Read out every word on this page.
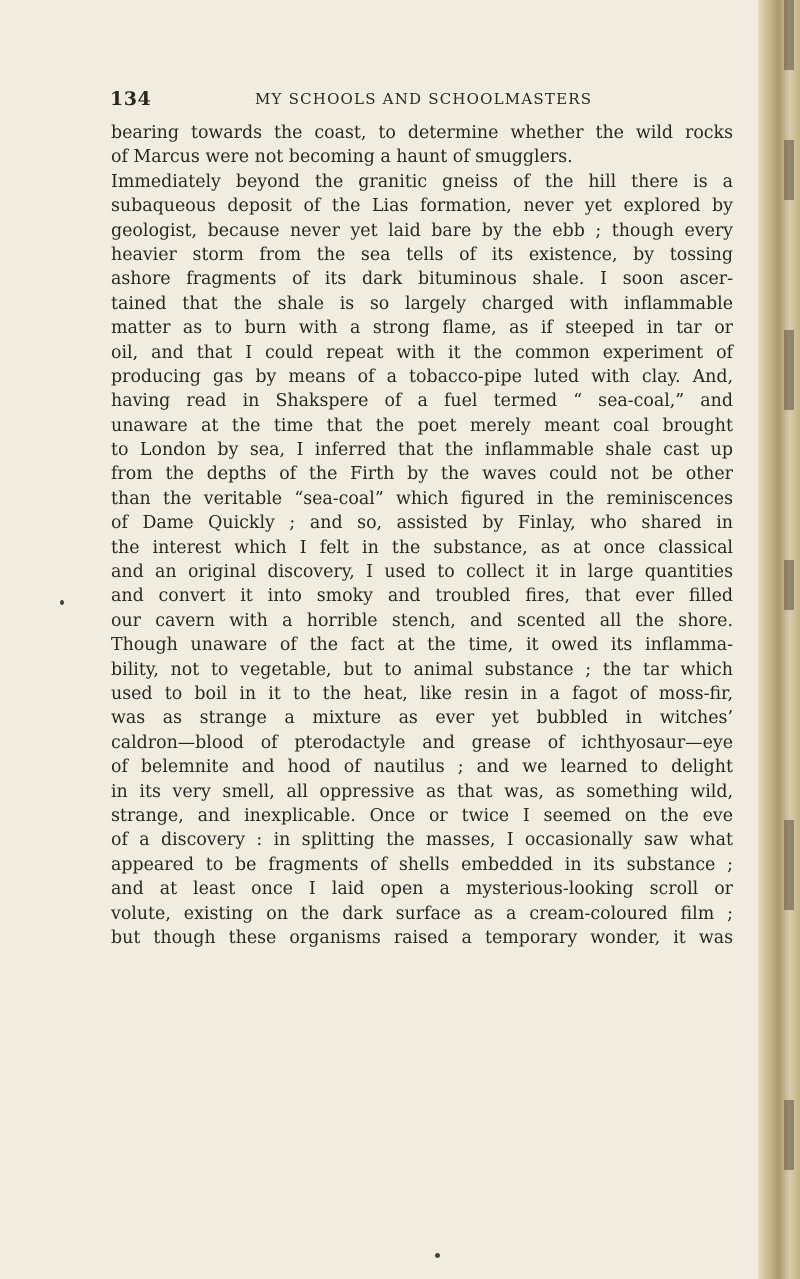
134	MY SCHOOLS AND SCHOOLMASTERS
bearing towards the coast, to determine whether the wild rocks
of Marcus were not becoming a haunt of smugglers.
Immediately beyond the granitic gneiss of the hill there is a
subaqueous deposit of the Lias formation, never yet explored by
geologist, because never yet laid bare by the ebb ; though every
heavier storm from the sea tells of its existence, by tossing
ashore fragments of its dark bituminous shale. I soon ascer-
tained that the shale is so largely charged with inflammable
matter as to burn with a strong flame, as if steeped in tar or
oil, and that I could repeat with it the common experiment of
producing gas by means of a tobacco-pipe luted with clay. And,
having read in Shakspere of a fuel termed “ sea-coal,” and
unaware at the time that the poet merely meant coal brought
to London by sea, I inferred that the inflammable shale cast up
from the depths of the Firth by the waves could not be other
than the veritable “sea-coal” which figured in the reminiscences
of Dame Quickly ; and so, assisted by Finlay, who shared in
the interest which I felt in the substance, as at once classical
and an original discovery, I used to collect it in large quantities
and convert it into smoky and troubled fires, that ever filled
our cavern with a horrible stench, and scented all the shore.
Though unaware of the fact at the time, it owed its inflamma-
bility, not to vegetable, but to animal substance ; the tar which
used to boil in it to the heat, like resin in a fagot of moss-fir,
was as strange a mixture as ever yet bubbled in witches’
caldron—blood of pterodactyle and grease of ichthyosaur—eye
of belemnite and hood of nautilus ; and we learned to delight
in its very smell, all oppressive as that was, as something wild,
strange, and inexplicable. Once or twice I seemed on the eve
of a discovery : in splitting the masses, I occasionally saw what
appeared to be fragments of shells embedded in its substance ;
and at least once I laid open a mysterious-looking scroll or
volute, existing on the dark surface as a cream-coloured film ;
but though these organisms raised a temporary wonder, it was
